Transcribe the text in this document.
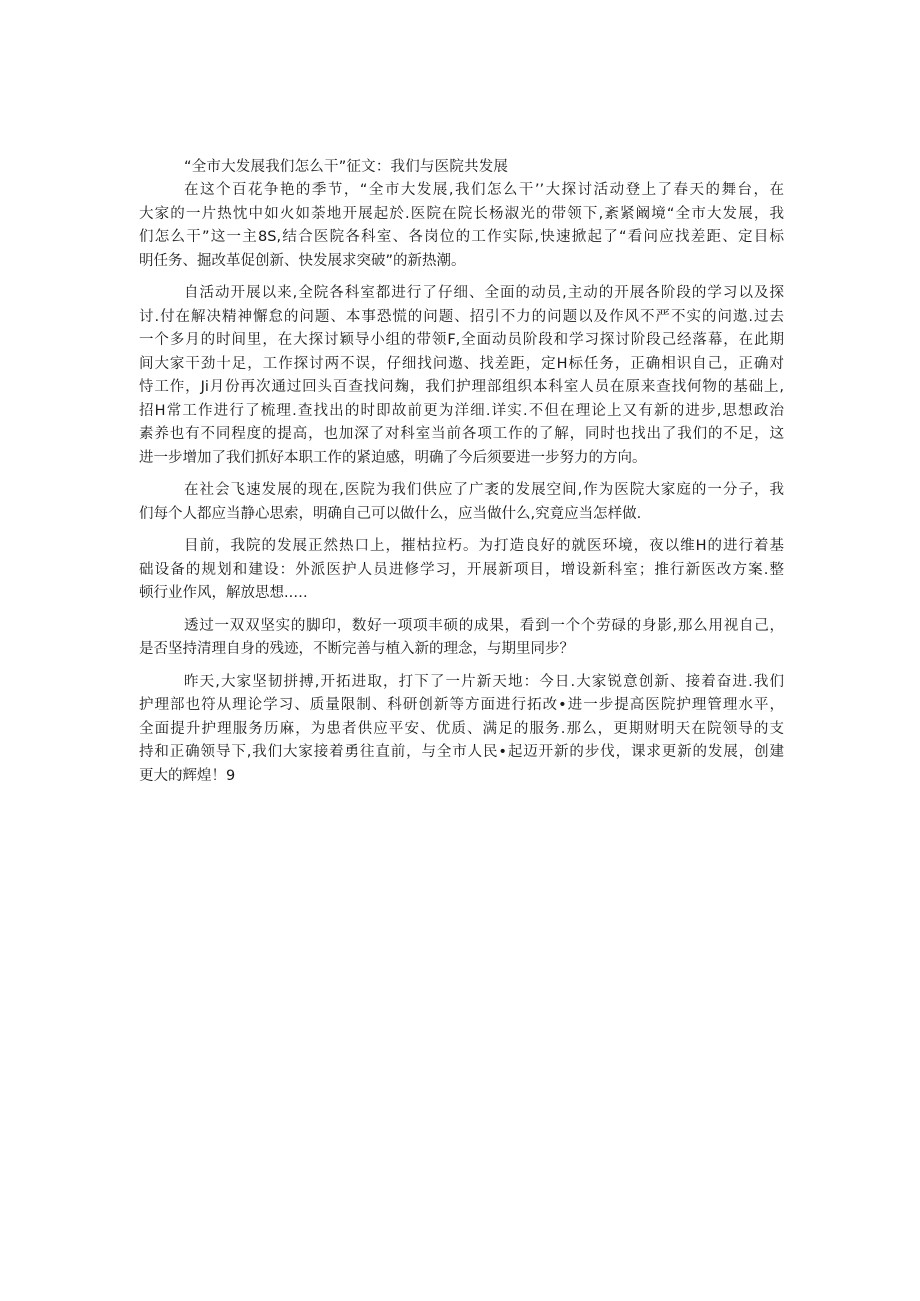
“全市大发展我们怎么干”征文：我们与医院共发展
在这个百花争艳的季节，“全市大发展,我们怎么干’’大探讨活动登上了春天的舞台，在
大家的一片热忱中如火如荼地开展起於.医院在院长杨淑光的带领下,紊紧阚境“全市大发展，我
们怎么干”这一主8S,结合医院各科室、各岗位的工作实际,快速掀起了“看问应找差距、定目标
明任务、掘改革促创新、快发展求突破”的新热潮。
自活动开展以来,全院各科室都进行了仔细、全面的动员,主动的开展各阶段的学习以及探
讨.付在解决精神懈怠的问题、本事恐慌的问题、招引不力的问题以及作风不严不实的问遨.过去
一个多月的时间里，在大探讨颖导小组的带领F,全面动员阶段和学习探讨阶段己经落幕，在此期
间大家干劲十足，工作探讨两不误，仔细找问遨、找差距，定H标任务，正确相识自己，正确对
恃工作，Ji月份再次通过回头百查找问麹，我们护理部组织本科室人员在原来查找何物的基础上,
招H常工作进行了梳理.查找出的时即故前更为洋细.详实.不但在理论上又有新的进步,思想政治
素养也有不同程度的提高，也加深了对科室当前各项工作的了解，同时也找出了我们的不足，这
进一步增加了我们抓好本职工作的紧迫感，明确了今后须要进一步努力的方向。
在社会飞速发展的现在,医院为我们供应了广袤的发展空间,作为医院大家庭的一分子，我
们每个人都应当静心思索，明确自己可以做什么，应当做什么,究竟应当怎样做.
目前，我院的发展正然热口上，摧枯拉朽。为打造良好的就医环境，夜以维H的进行着基
础设备的规划和建设：外派医护人员进修学习，开展新项目，增设新科室；推行新医改方案.整
顿行业作风，解放思想..…
透过一双双坚实的脚印，数好一项项丰硕的成果，看到一个个劳碌的身影,那么用视自己，
是否坚持清理自身的残迹，不断完善与植入新的理念，与期里同步？
昨天,大家坚韧拼搏,开拓进取，打下了一片新天地：今日.大家锐意创新、接着奋进.我们
护理部也符从理论学习、质量限制、科研创新等方面进行拓改•进一步提高医院护理管理水平，
全面提升护理服务历麻，为患者供应平安、优质、满足的服务.那么，更期财明天在院领导的支
持和正确领导下,我们大家接着勇往直前，与全市人民•起迈开新的步伐，课求更新的发展，创建
更大的辉煌！9
